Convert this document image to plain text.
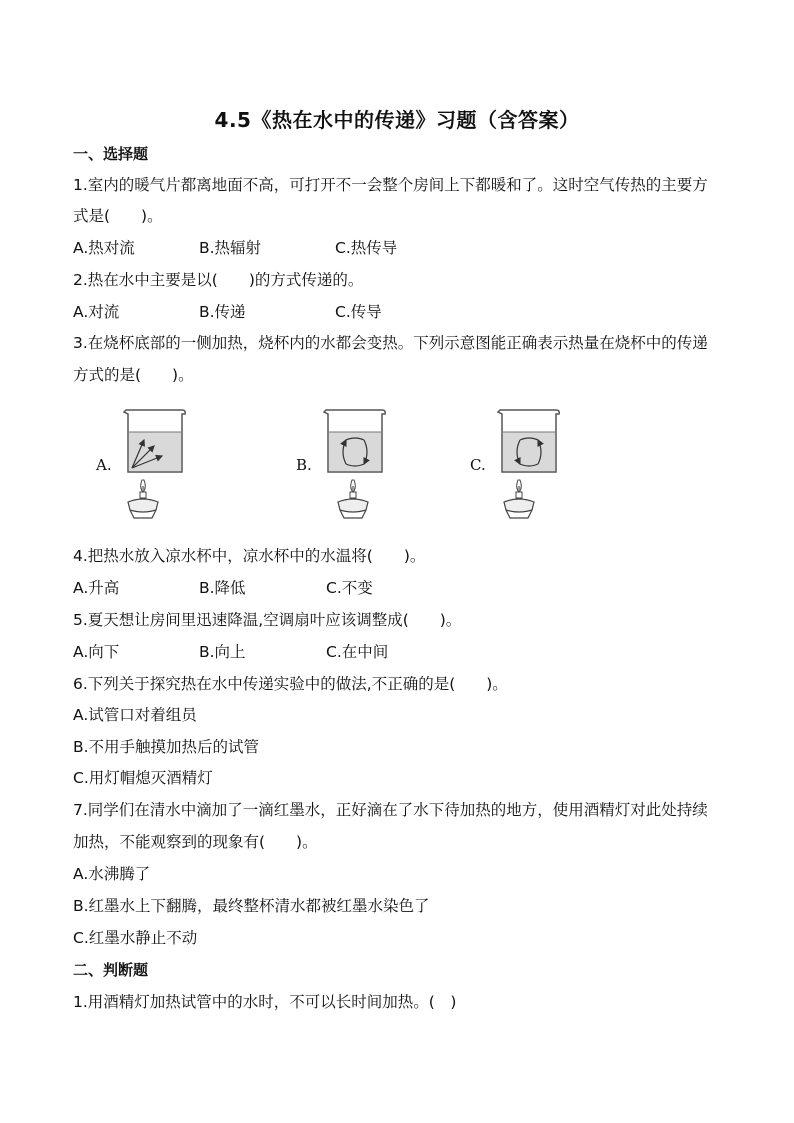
4.5《热在水中的传递》习题（含答案）
一、选择题
1.室内的暖气片都离地面不高，可打开不一会整个房间上下都暖和了。这时空气传热的主要方
式是(　　)。
A.热对流	B.热辐射	C.热传导
2.热在水中主要是以(　　)的方式传递的。
A.对流	B.传递	C.传导
3.在烧杯底部的一侧加热，烧杯内的水都会变热。下列示意图能正确表示热量在烧杯中的传递
方式的是(　　)。
A.	B.	C.
4.把热水放入凉水杯中，凉水杯中的水温将(　　)。
A.升高	B.降低	C.不变
5.夏天想让房间里迅速降温,空调扇叶应该调整成(　　)。
A.向下	B.向上	C.在中间
6.下列关于探究热在水中传递实验中的做法,不正确的是(　　)。
A.试管口对着组员
B.不用手触摸加热后的试管
C.用灯帽熄灭酒精灯
7.同学们在清水中滴加了一滴红墨水，正好滴在了水下待加热的地方，使用酒精灯对此处持续
加热，不能观察到的现象有(　　)。
A.水沸腾了
B.红墨水上下翻腾，最终整杯清水都被红墨水染色了
C.红墨水静止不动
二、判断题
1.用酒精灯加热试管中的水时，不可以长时间加热。(　)
